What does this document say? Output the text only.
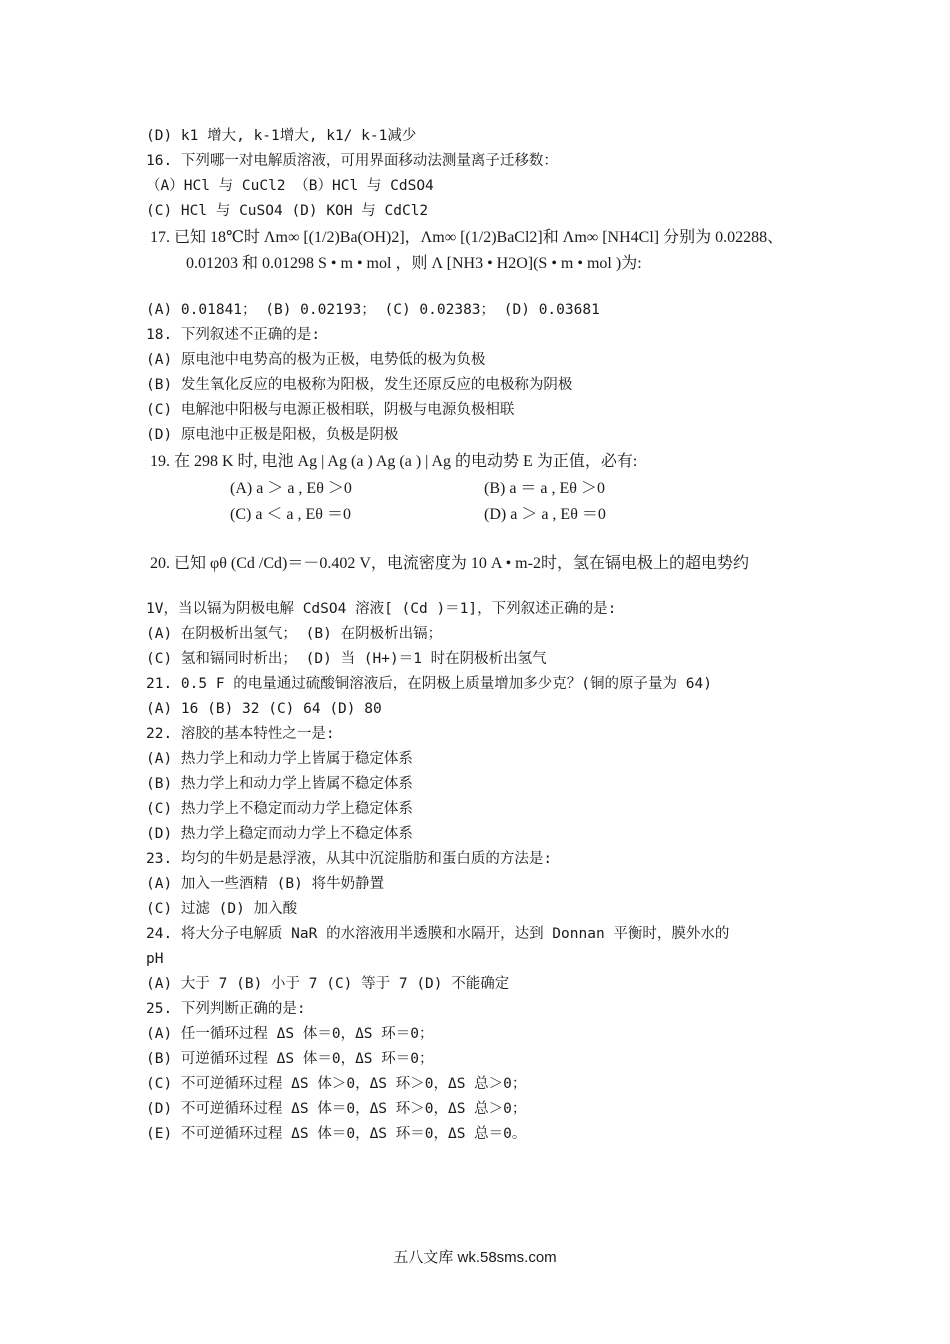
(D) k1 增大, k-1增大, k1/ k-1减少
16. 下列哪一对电解质溶液，可用界面移动法测量离子迁移数：
（A）HCl 与 CuCl2 （B）HCl 与 CdSO4
(C) HCl 与 CuSO4 (D) KOH 与 CdCl2
17. 已知 18℃时 Λm∞ [(1/2)Ba(OH)2]，Λm∞ [(1/2)BaCl2]和 Λm∞ [NH4Cl] 分别为 0.02288、
0.01203 和 0.01298 S • m • mol ，则 Λ [NH3 • H2O](S • m • mol )为:
(A) 0.01841； (B) 0.02193； (C) 0.02383； (D) 0.03681
18. 下列叙述不正确的是:
(A) 原电池中电势高的极为正极，电势低的极为负极
(B) 发生氧化反应的电极称为阳极，发生还原反应的电极称为阴极
(C) 电解池中阳极与电源正极相联，阴极与电源负极相联
(D) 原电池中正极是阳极，负极是阴极
19. 在 298 K 时, 电池 Ag | Ag (a ) Ag (a ) | Ag 的电动势 E 为正值，必有:
(A) a ＞ a , Eθ ＞0	(B) a ＝ a , Eθ ＞0
(C) a ＜ a , Eθ ＝0	(D) a ＞ a , Eθ ＝0
20. 已知 φθ (Cd /Cd)＝－0.402 V，电流密度为 10 A • m-2时，氢在镉电极上的超电势约
1V，当以镉为阴极电解 CdSO4 溶液[ (Cd )＝1]，下列叙述正确的是:
(A) 在阴极析出氢气； (B) 在阴极析出镉；
(C) 氢和镉同时析出； (D) 当 (H+)＝1 时在阴极析出氢气
21. 0.5 F 的电量通过硫酸铜溶液后，在阴极上质量增加多少克？(铜的原子量为 64)
(A) 16 (B) 32 (C) 64 (D) 80
22. 溶胶的基本特性之一是:
(A) 热力学上和动力学上皆属于稳定体系
(B) 热力学上和动力学上皆属不稳定体系
(C) 热力学上不稳定而动力学上稳定体系
(D) 热力学上稳定而动力学上不稳定体系
23. 均匀的牛奶是悬浮液，从其中沉淀脂肪和蛋白质的方法是:
(A) 加入一些酒精 (B) 将牛奶静置
(C) 过滤 (D) 加入酸
24. 将大分子电解质 NaR 的水溶液用半透膜和水隔开，达到 Donnan 平衡时，膜外水的
pH
(A) 大于 7 (B) 小于 7 (C) 等于 7 (D) 不能确定
25. 下列判断正确的是:
(A) 任一循环过程 ΔS 体＝0，ΔS 环＝0；
(B) 可逆循环过程 ΔS 体＝0，ΔS 环＝0；
(C) 不可逆循环过程 ΔS 体＞0，ΔS 环＞0，ΔS 总＞0；
(D) 不可逆循环过程 ΔS 体＝0，ΔS 环＞0，ΔS 总＞0；
(E) 不可逆循环过程 ΔS 体＝0，ΔS 环＝0，ΔS 总＝0。
五八文库 wk.58sms.com
